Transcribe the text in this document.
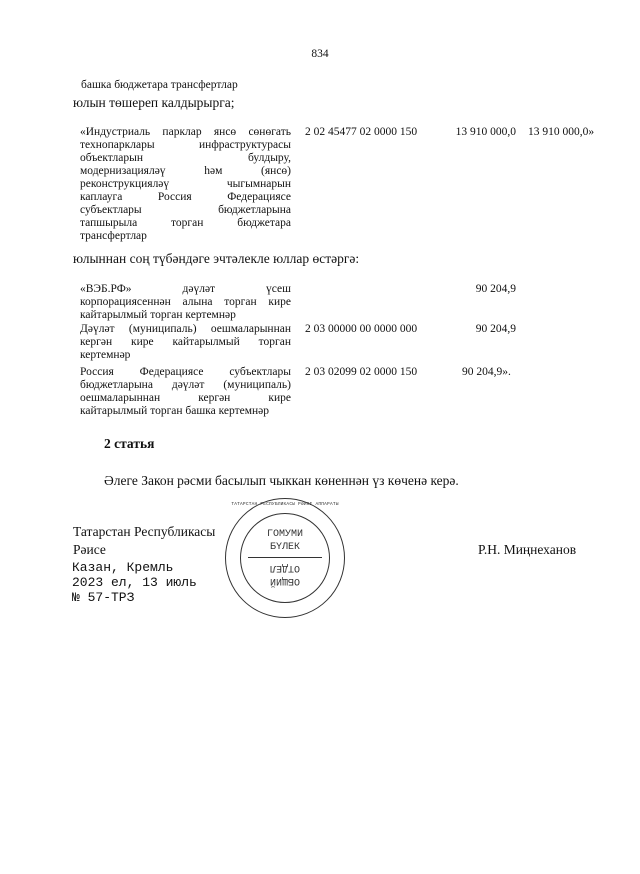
834
башка бюджетара трансфертлар
юлын төшереп калдырырга;
«Индустриаль парклар янсө сөнөгать
технопарклары инфраструктурасы
объектларын булдыру,
модернизацияләү һәм (янсө)
реконструкцияләү чыгымнарын
каплауга Россия Федерациясе
субъектлары бюджетларына
тапшырыла торган бюджетара
трансфертлар
2 02 45477 02 0000 150	13 910 000,0 13 910 000,0»
юлыннан соң түбәндәге эчтәлекле юллар өстәргә:
«ВЭБ.РФ» дәүләт үсеш
корпорациясеннән алына торган кире
кайтарылмый торган кертемнәр
90 204,9
Дәүләт (муниципаль) оешмаларыннан
кергән кире кайтарылмый торган
кертемнәр
2 03 00000 00 0000 000	90 204,9
Россия Федерациясе субъектлары
бюджетларына дәүләт (муниципаль)
оешмаларыннан кергән кире
кайтарылмый торган башка кертемнәр
2 03 02099 02 0000 150	90 204,9».
2 статья
Әлеге Закон рәсми басылып чыккан көненнән үз көченә керә.
ТАТАРСТАН РЕСПУБЛИКАСЫ РӘИСЕ АППАРАТЫ
ГОМУМИ
БҮЛЕК
ОТДЕЛ
ОБЩИЙ
Татарстан Республикасы
Рәисе	Р.Н. Миңнеханов
Казан, Кремль
2023 ел, 13 июль
№ 57-ТРЗ
